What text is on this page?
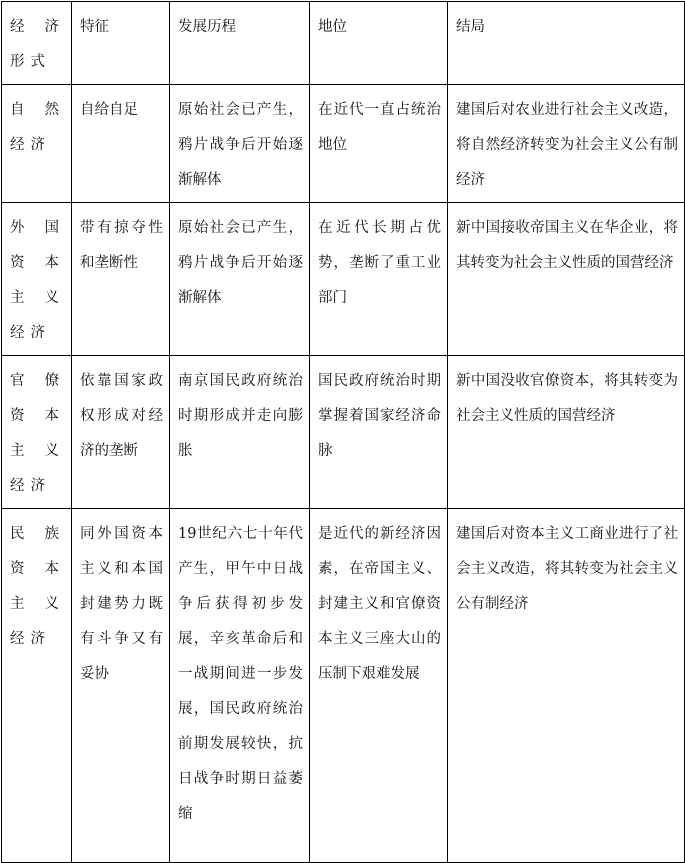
经济形式	特征	发展历程	地位	结局

自然经济	自给自足	原始社会已产生，鸦片战争后开始逐渐解体	在近代一直占统治地位	建国后对农业进行社会主义改造，将自然经济转变为社会主义公有制经济

外国资本主义经济	带有掠夺性和垄断性	原始社会已产生，鸦片战争后开始逐渐解体	在近代长期占优势，垄断了重工业部门	新中国接收帝国主义在华企业，将其转变为社会主义性质的国营经济

官僚资本主义经济	依靠国家政权形成对经济的垄断	南京国民政府统治时期形成并走向膨胀	国民政府统治时期掌握着国家经济命脉	新中国没收官僚资本，将其转变为社会主义性质的国营经济

民族资本主义经济	同外国资本主义和本国封建势力既有斗争又有妥协	19世纪六七十年代产生，甲午中日战争后获得初步发展，辛亥革命后和一战期间进一步发展，国民政府统治前期发展较快，抗日战争时期日益萎缩	是近代的新经济因素，在帝国主义、封建主义和官僚资本主义三座大山的压制下艰难发展	建国后对资本主义工商业进行了社会主义改造，将其转变为社会主义公有制经济
